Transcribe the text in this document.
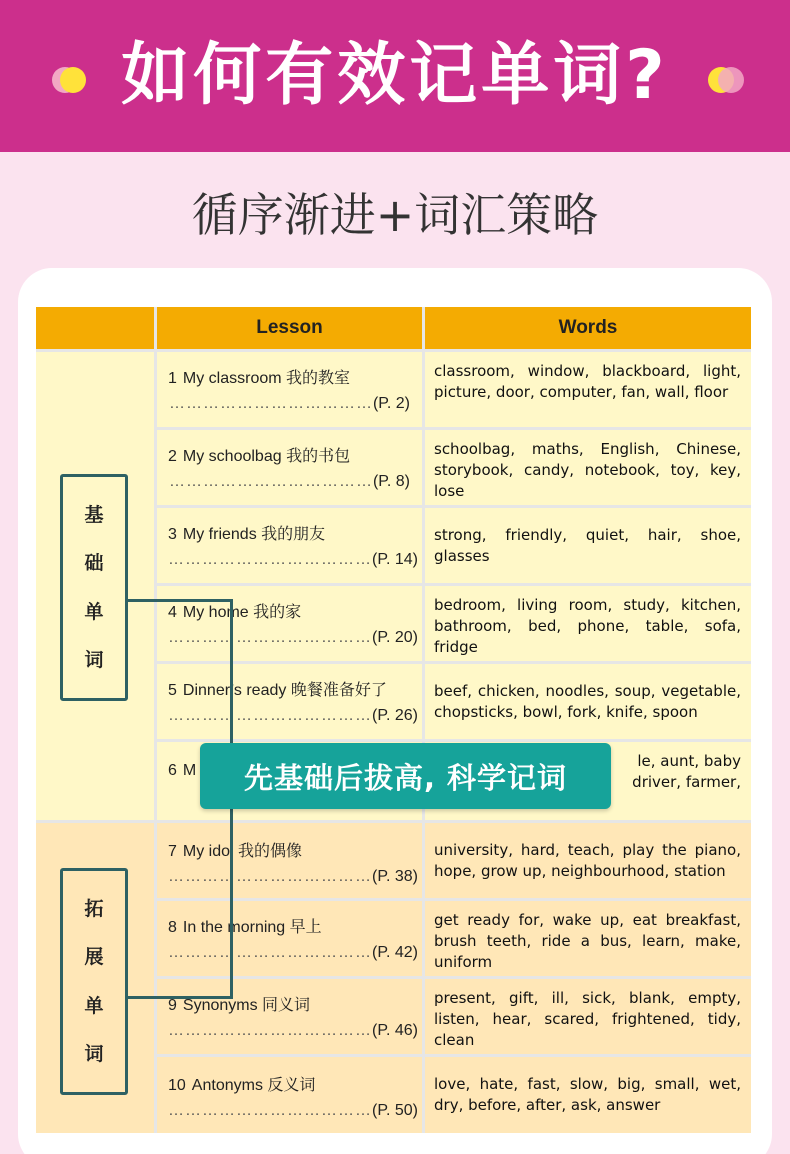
如何有效记单词?
循序渐进+词汇策略
Lesson	Words
1 My classroom 我的教室
………………………………(P. 2)
classroom, window, blackboard, light, picture, door, computer, fan, wall, floor
2 My schoolbag 我的书包
………………………………(P. 8)
schoolbag, maths, English, Chinese, storybook, candy, notebook, toy, key, lose
3 My friends 我的朋友
………………………………(P. 14)
strong, friendly, quiet, hair, shoe, glasses
4 My home 我的家
………………………………(P. 20)
bedroom, living room, study, kitchen, bathroom, bed, phone, table, sofa, fridge
5 Dinner’s ready 晚餐准备好了
………………………………(P. 26)
beef, chicken, noodles, soup, vegetable, chopsticks, bowl, fork, knife, spoon
6 M
le, aunt, baby
driver, farmer,
7 My idol 我的偶像
………………………………(P. 38)
university, hard, teach, play the piano, hope, grow up, neighbourhood, station
8 In the morning 早上
………………………………(P. 42)
get ready for, wake up, eat breakfast, brush teeth, ride a bus, learn, make, uniform
9 Synonyms 同义词
………………………………(P. 46)
present, gift, ill, sick, blank, empty, listen, hear, scared, frightened, tidy, clean
10 Antonyms 反义词
………………………………(P. 50)
love, hate, fast, slow, big, small, wet, dry, before, after, ask, answer
基
础
单
词
拓
展
单
词
先基础后拔高, 科学记词
